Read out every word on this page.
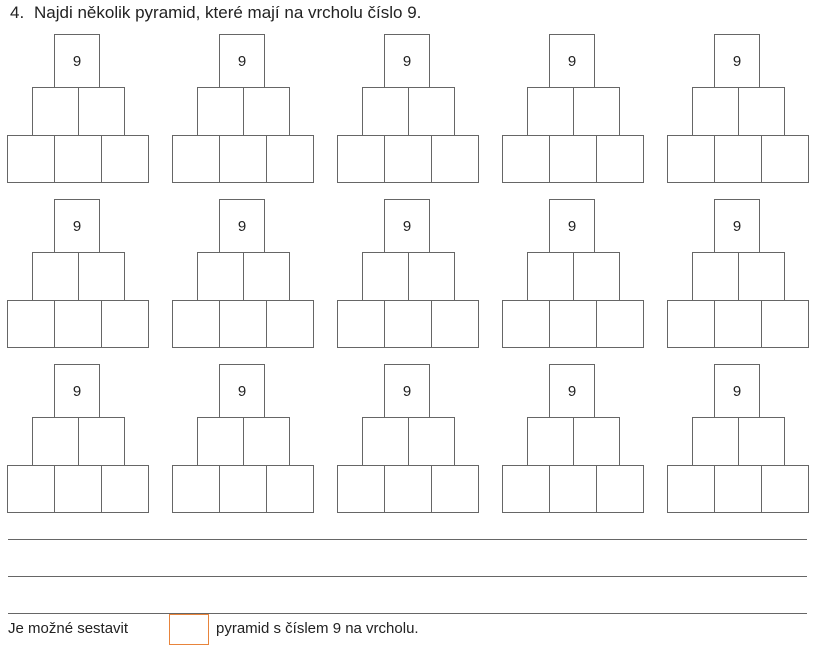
4. Najdi několik pyramid, které mají na vrcholu číslo 9.
9	9	9	9	9
9	9	9	9	9
9	9	9	9	9
Je možné sestavit	pyramid s číslem 9 na vrcholu.
